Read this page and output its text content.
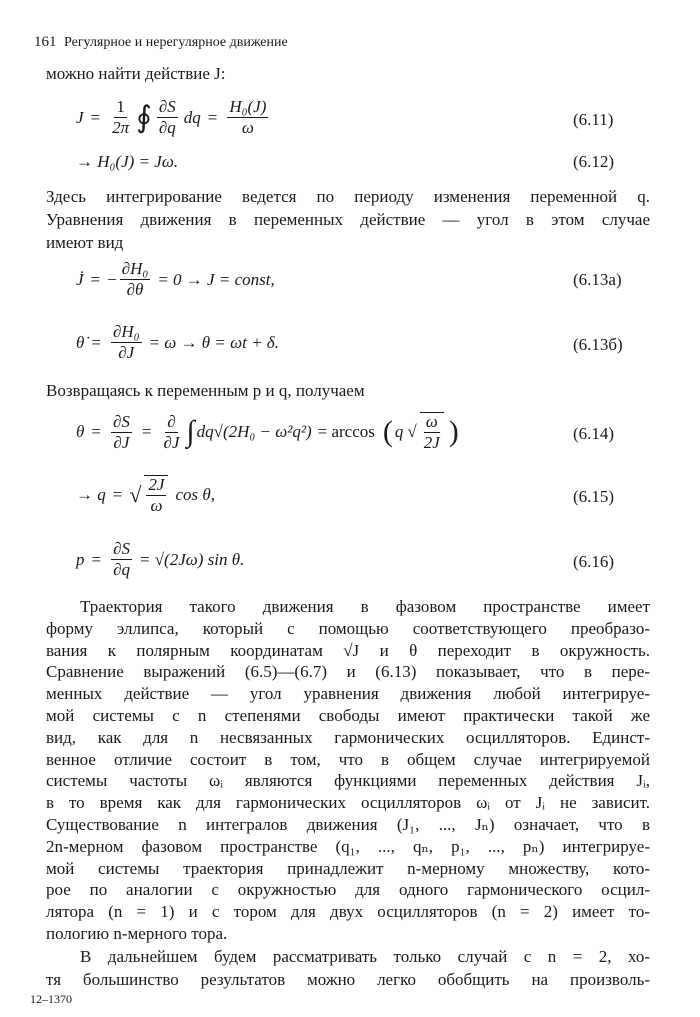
161 Регулярное и нерегулярное движение
можно найти действие J:
$J = \frac{1}{2\pi}$ ∮ $\frac{\partial S}{\partial q}$ dq = $\frac{\text{H₀(J)}}{\omega}$	(6.11)
→ H₀(J) = Jω.	(6.12)
Здесь интегрирование ведется по периоду изменения переменной q.
Уравнения движения в переменных действие — угол в этом случае
имеют вид
J̇ = − $\frac{\text{∂H₀}}{\partial\theta} = 0 \to J$ = const,	(6.13а)
θ̇ = $\frac{\text{∂H₀}}{\partial J} = \omega \to \theta = \omega t + \delta$.	(6.13б)
Возвращаясь к переменным p и q, получаем
$\theta = \frac{\partial S}{\partial J} = \frac{\partial}{\partial J}$ ∫ dq√(2H₀ − ω²q²) = arccos ( q √ $\frac{\omega}{2J}$ )	(6.14)
→ q = √ $\frac{2J}{\omega}$ cos θ,	(6.15)
$p = \frac{\partial S}{\partial q} = √(2J\omega)$ sin θ.	(6.16)
Траектория такого движения в фазовом пространстве имеет
форму эллипса, который с помощью соответствующего преобразо-
вания к полярным координатам √J и θ переходит в окружность.
Сравнение выражений (6.5)—(6.7) и (6.13) показывает, что в пере-
менных действие — угол уравнения движения любой интегрируе-
мой системы с n степенями свободы имеют практически такой же
вид, как для n несвязанных гармонических осцилляторов. Единст-
венное отличие состоит в том, что в общем случае интегрируемой
системы частоты ωᵢ являются функциями переменных действия Jᵢ,
в то время как для гармонических осцилляторов ωᵢ от Jᵢ не зависит.
Существование n интегралов движения (J₁, ..., Jₙ) означает, что в
2n-мерном фазовом пространстве (q₁, ..., qₙ, p₁, ..., pₙ) интегрируе-
мой системы траектория принадлежит n-мерному множеству, кото-
рое по аналогии с окружностью для одного гармонического осцил-
лятора (n = 1) и с тором для двух осцилляторов (n = 2) имеет то-
пологию n-мерного тора.
В дальнейшем будем рассматривать только случай с n = 2, хо-
тя большинство результатов можно легко обобщить на произволь-
12–1370
